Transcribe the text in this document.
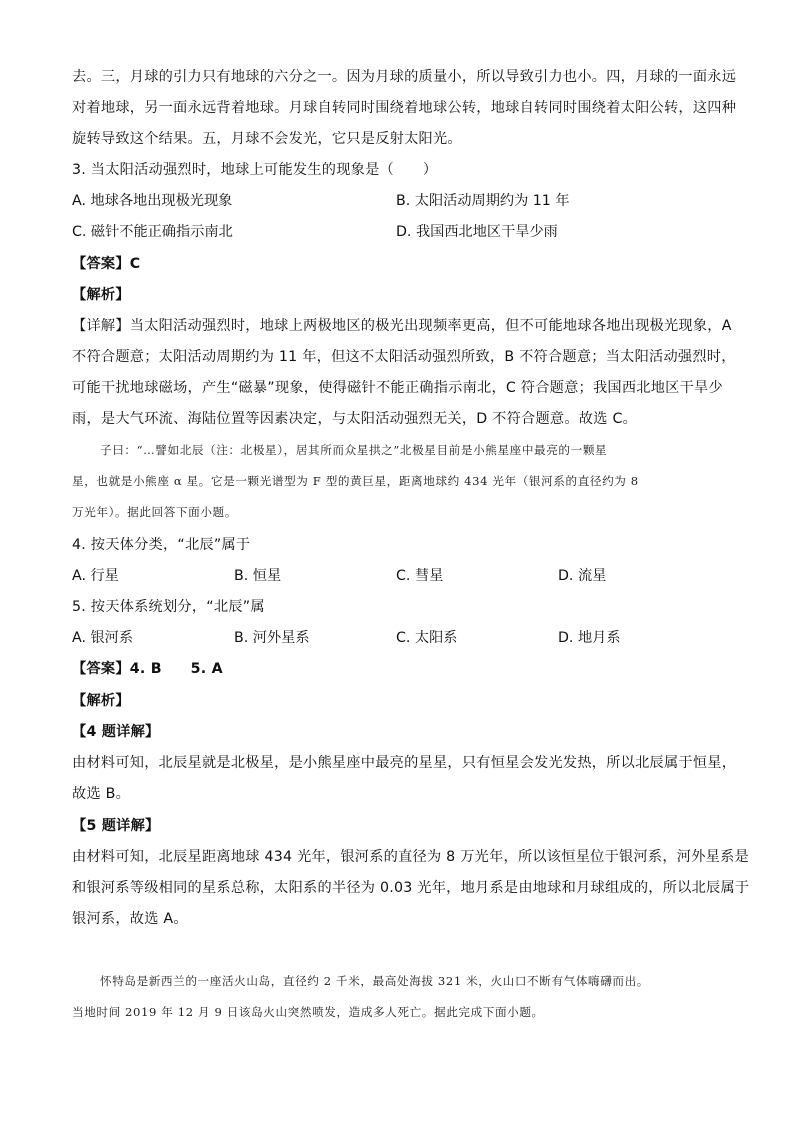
去。三，月球的引力只有地球的六分之一。因为月球的质量小，所以导致引力也小。四，月球的一面永远
对着地球，另一面永远背着地球。月球自转同时围绕着地球公转，地球自转同时围绕着太阳公转，这四种
旋转导致这个结果。五，月球不会发光，它只是反射太阳光。
3. 当太阳活动强烈时，地球上可能发生的现象是（　　）
A. 地球各地出现极光现象	B. 太阳活动周期约为 11 年
C. 磁针不能正确指示南北	D. 我国西北地区干旱少雨
【答案】C
【解析】
【详解】当太阳活动强烈时，地球上两极地区的极光出现频率更高，但不可能地球各地出现极光现象，A
不符合题意；太阳活动周期约为 11 年，但这不太阳活动强烈所致，B 不符合题意；当太阳活动强烈时，
可能干扰地球磁场，产生“磁暴”现象，使得磁针不能正确指示南北，C 符合题意；我国西北地区干旱少
雨，是大气环流、海陆位置等因素决定，与太阳活动强烈无关，D 不符合题意。故选 C。
子曰：“…譬如北辰（注：北极星），居其所而众星拱之”北极星目前是小熊星座中最亮的一颗星
星，也就是小熊座 α 星。它是一颗光谱型为 F 型的黄巨星，距离地球约 434 光年（银河系的直径约为 8
万光年）。据此回答下面小题。
4. 按天体分类，“北辰”属于
A. 行星	B. 恒星	C. 彗星	D. 流星
5. 按天体系统划分，“北辰”属
A. 银河系	B. 河外星系	C. 太阳系	D. 地月系
【答案】4. B　　5. A
【解析】
【4 题详解】
由材料可知，北辰星就是北极星，是小熊星座中最亮的星星，只有恒星会发光发热，所以北辰属于恒星，
故选 B。
【5 题详解】
由材料可知，北辰星距离地球 434 光年，银河系的直径为 8 万光年，所以该恒星位于银河系，河外星系是
和银河系等级相同的星系总称，太阳系的半径为 0.03 光年，地月系是由地球和月球组成的，所以北辰属于
银河系，故选 A。
怀特岛是新西兰的一座活火山岛，直径约 2 千米，最高处海拔 321 米，火山口不断有气体嗨礴而出。
当地时间 2019 年 12 月 9 日该岛火山突然喷发，造成多人死亡。据此完成下面小题。
